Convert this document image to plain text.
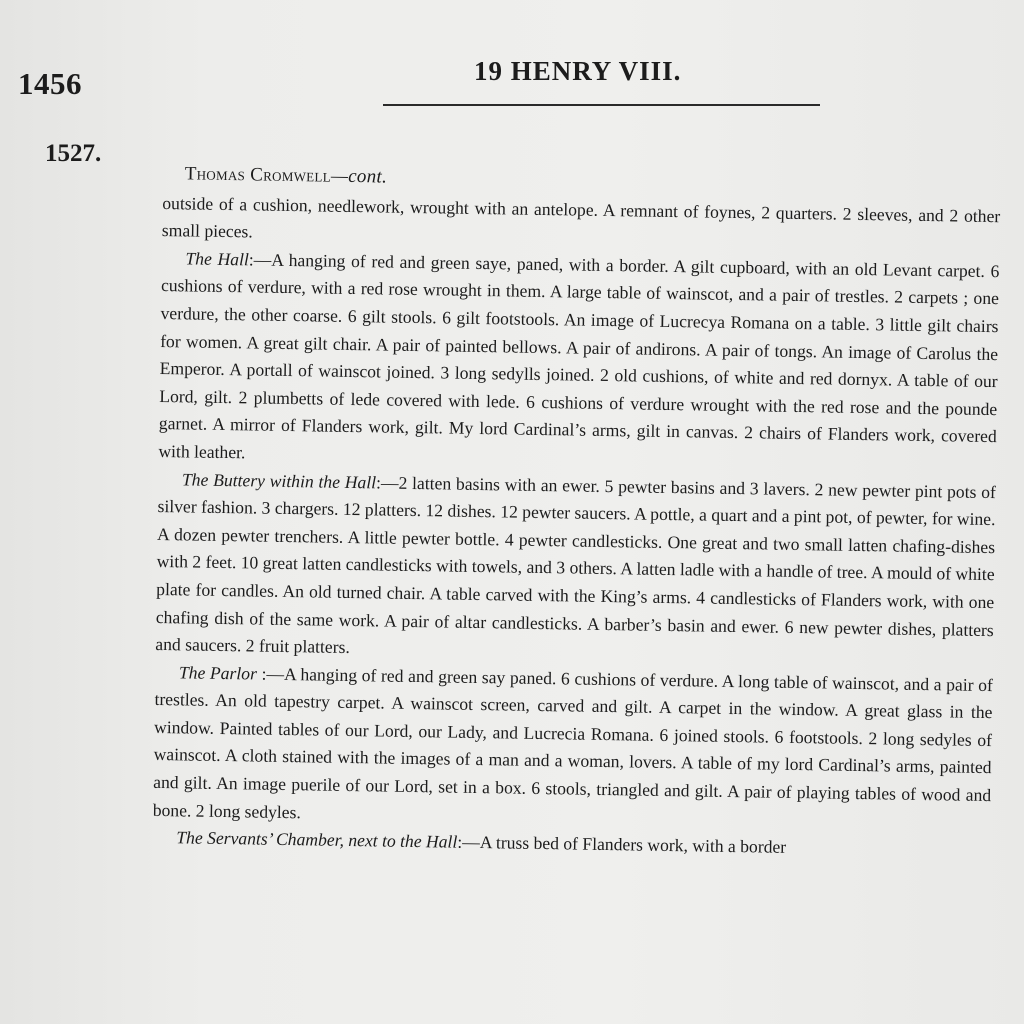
1456	19 HENRY VIII.
1527.
Thomas Cromwell—cont.

outside of a cushion, needlework, wrought with an antelope. A remnant of foynes, 2 quarters. 2 sleeves, and 2 other small pieces.

The Hall:—A hanging of red and green saye, paned, with a border. A gilt cupboard, with an old Levant carpet. 6 cushions of verdure, with a red rose wrought in them. A large table of wainscot, and a pair of trestles. 2 carpets ; one verdure, the other coarse. 6 gilt stools. 6 gilt footstools. An image of Lucrecya Romana on a table. 3 little gilt chairs for women. A great gilt chair. A pair of painted bellows. A pair of andirons. A pair of tongs. An image of Carolus the Emperor. A portall of wainscot joined. 3 long sedylls joined. 2 old cushions, of white and red dornyx. A table of our Lord, gilt. 2 plumbetts of lede covered with lede. 6 cushions of verdure wrought with the red rose and the pounde garnet. A mirror of Flanders work, gilt. My lord Cardinal’s arms, gilt in canvas. 2 chairs of Flanders work, covered with leather.

The Buttery within the Hall:—2 latten basins with an ewer. 5 pewter basins and 3 lavers. 2 new pewter pint pots of silver fashion. 3 chargers. 12 platters. 12 dishes. 12 pewter saucers. A pottle, a quart and a pint pot, of pewter, for wine. A dozen pewter trenchers. A little pewter bottle. 4 pewter candlesticks. One great and two small latten chafing-dishes with 2 feet. 10 great latten candlesticks with towels, and 3 others. A latten ladle with a handle of tree. A mould of white plate for candles. An old turned chair. A table carved with the King’s arms. 4 candlesticks of Flanders work, with one chafing dish of the same work. A pair of altar candlesticks. A barber’s basin and ewer. 6 new pewter dishes, platters and saucers. 2 fruit platters.

The Parlor :—A hanging of red and green say paned. 6 cushions of verdure. A long table of wainscot, and a pair of trestles. An old tapestry carpet. A wainscot screen, carved and gilt. A carpet in the window. A great glass in the window. Painted tables of our Lord, our Lady, and Lucrecia Romana. 6 joined stools. 6 footstools. 2 long sedyles of wainscot. A cloth stained with the images of a man and a woman, lovers. A table of my lord Cardinal’s arms, painted and gilt. An image puerile of our Lord, set in a box. 6 stools, triangled and gilt. A pair of playing tables of wood and bone. 2 long sedyles.

The Servants’ Chamber, next to the Hall:—A truss bed of Flanders work, with a border
